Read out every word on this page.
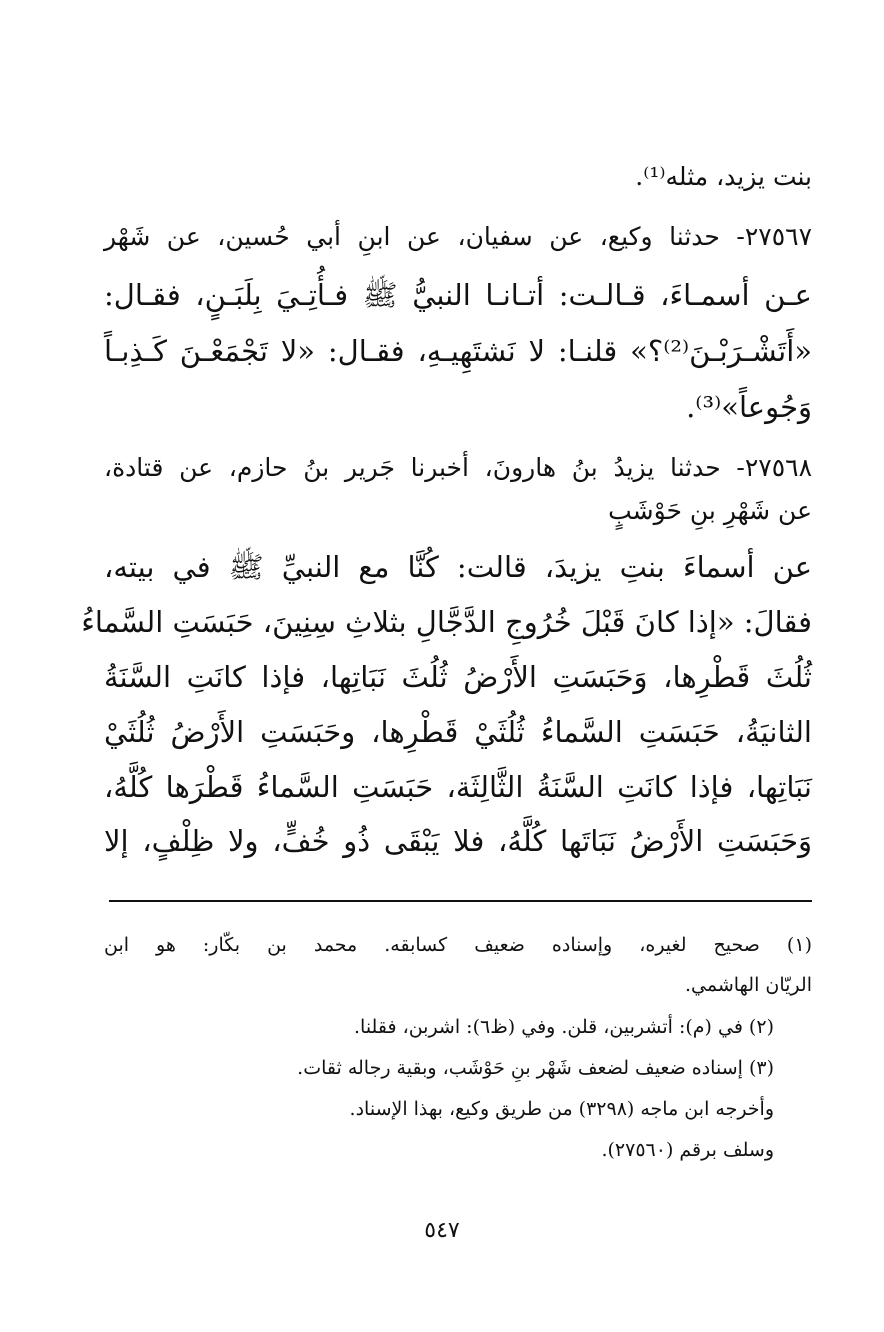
بنت يزيد، مثله⁽¹⁾.
٢٧٥٦٧- حدثنا وكيع، عن سفيان، عن ابنِ أبي حُسين، عن شَهْر
عـن أسمـاءَ، قـالـت: أتـانـا النبيُّ ﷺ فـأُتِـيَ بِلَبَـنٍ، فقـال:
«أَتَشْـرَبْـنَ⁽²⁾؟» قلنـا: لا نَشتَهِيـهِ، فقـال: «لا تَجْمَعْـنَ كَـذِبـاً
وَجُوعاً»⁽³⁾.
٢٧٥٦٨- حدثنا يزيدُ بنُ هارونَ، أخبرنا جَرير بنُ حازم، عن قتادة،
عن شَهْرِ بنِ حَوْشَبٍ
عن أسماءَ بنتِ يزيدَ، قالت: كُنَّا مع النبيِّ ﷺ في بيته،
فقالَ: «إذا كانَ قَبْلَ خُرُوجِ الدَّجَّالِ بثلاثِ سِنِينَ، حَبَسَتِ السَّماءُ
ثُلُثَ قَطْرِها، وَحَبَسَتِ الأَرْضُ ثُلُثَ نَبَاتِها، فإذا كانَتِ السَّنَةُ
الثانيَةُ، حَبَسَتِ السَّماءُ ثُلُثَيْ قَطْرِها، وحَبَسَتِ الأَرْضُ ثُلُثَيْ
نَبَاتِها، فإذا كانَتِ السَّنَةُ الثَّالِثَة، حَبَسَتِ السَّماءُ قَطْرَها كُلَّهُ،
وَحَبَسَتِ الأَرْضُ نَبَاتَها كُلَّهُ، فلا يَبْقَى ذُو خُفٍّ، ولا ظِلْفٍ، إلا
(١) صحيح لغيره، وإسناده ضعيف كسابقه. محمد بن بكّار: هو ابن
الريّان الهاشمي.
(٢) في (م): أتشربين، قلن. وفي (ظ٦): اشربن، فقلنا.
(٣) إسناده ضعيف لضعف شَهْر بنِ حَوْشَب، وبقية رجاله ثقات.
وأخرجه ابن ماجه (٣٢٩٨) من طريق وكيع، بهذا الإسناد.
وسلف برقم (٢٧٥٦٠).
٥٤٧
